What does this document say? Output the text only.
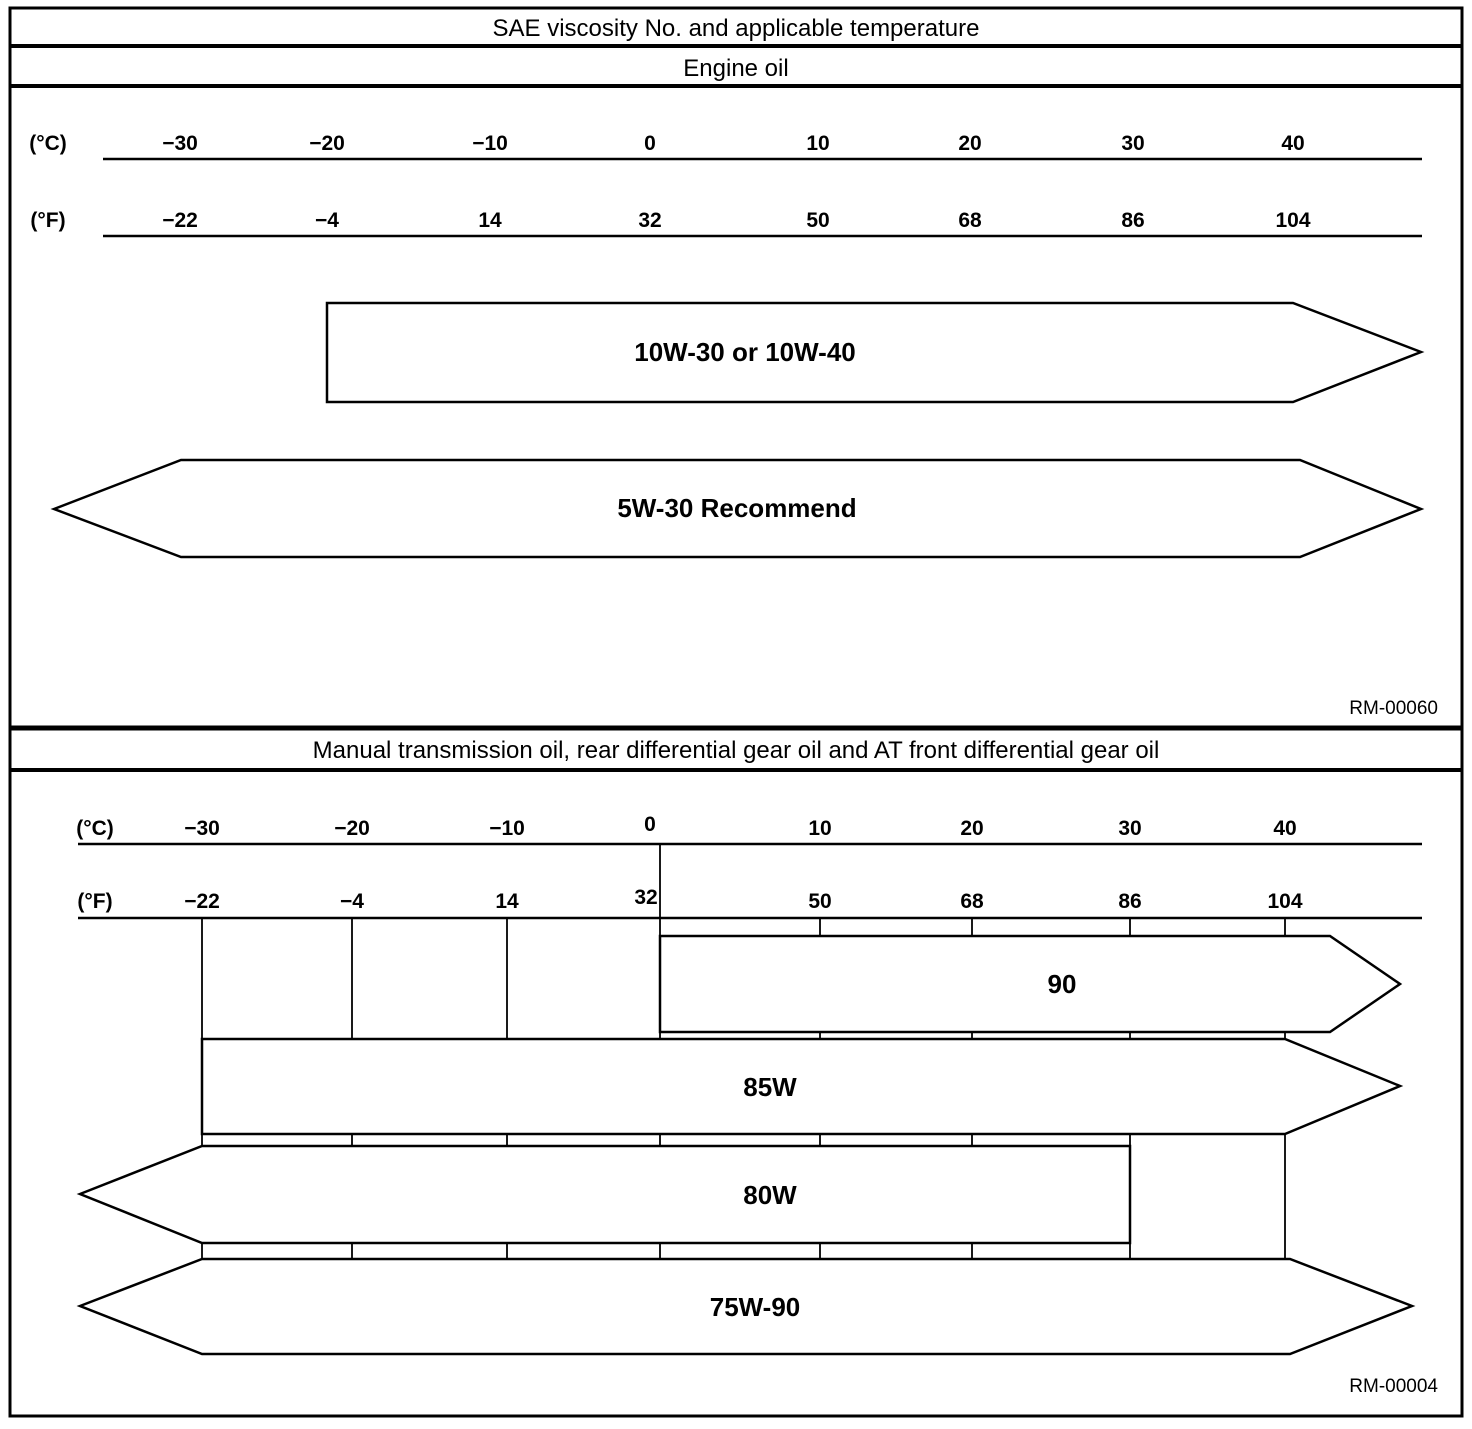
SAE viscosity No. and applicable temperature
Engine oil
(°C)	−30	−20	−10	0	10	20	30	40
(°F)	−22	−4	14	32	50	68	86	104
10W-30 or 10W-40
5W-30 Recommend
RM-00060
Manual transmission oil, rear differential gear oil and AT front differential gear oil
(°C)	−30	−20	−10	0	10	20	30	40
(°F)	−22	−4	14	32	50	68	86	104
90
85W
80W
75W-90
RM-00004
